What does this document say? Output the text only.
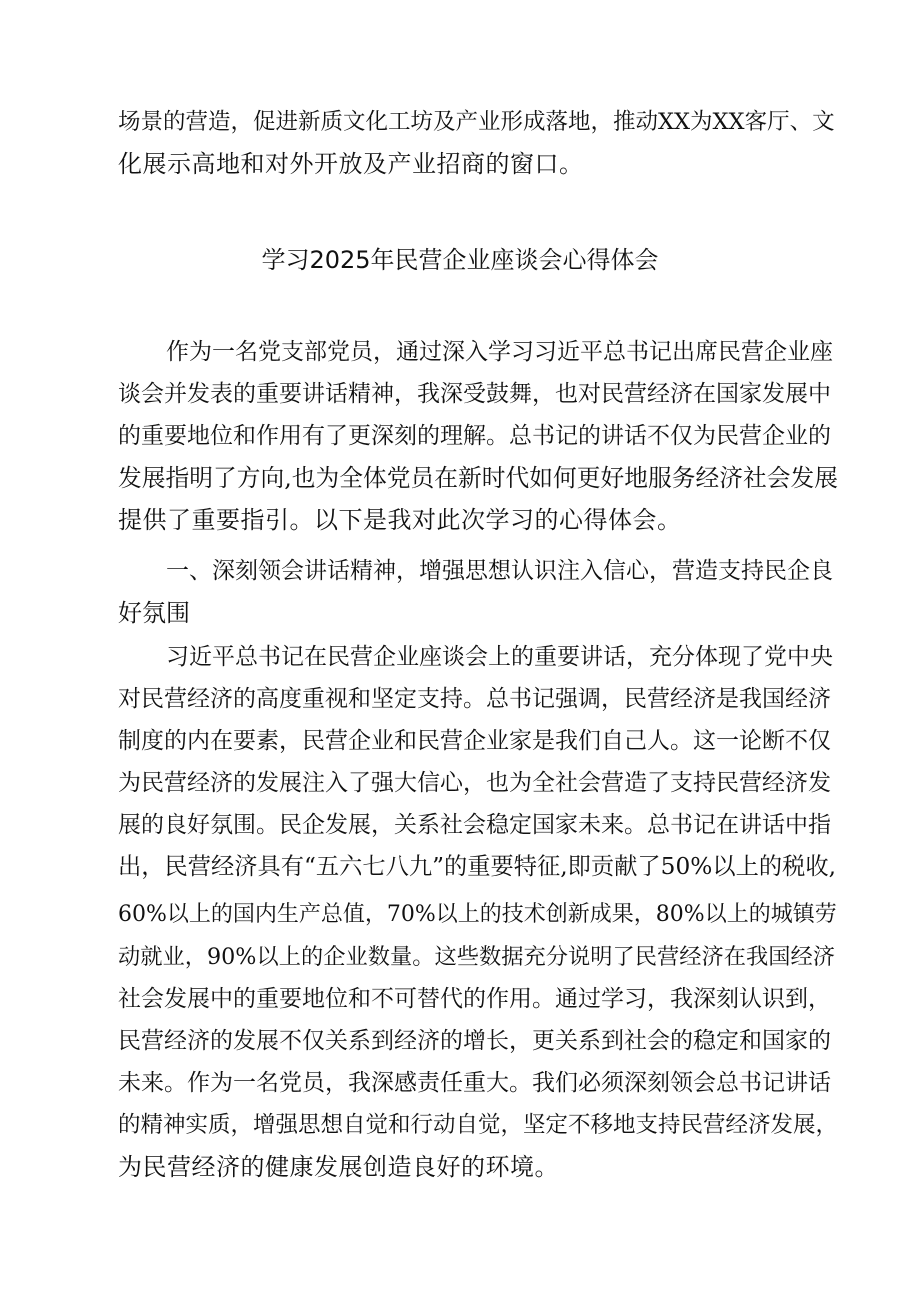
场景的营造，促进新质文化工坊及产业形成落地，推动XX为XX客厅、文
化展示高地和对外开放及产业招商的窗口。
学习2025年民营企业座谈会心得体会
作为一名党支部党员，通过深入学习习近平总书记出席民营企业座
谈会并发表的重要讲话精神，我深受鼓舞，也对民营经济在国家发展中
的重要地位和作用有了更深刻的理解。总书记的讲话不仅为民营企业的
发展指明了方向,也为全体党员在新时代如何更好地服务经济社会发展
提供了重要指引。以下是我对此次学习的心得体会。
一、深刻领会讲话精神，增强思想认识注入信心，营造支持民企良
好氛围
习近平总书记在民营企业座谈会上的重要讲话，充分体现了党中央
对民营经济的高度重视和坚定支持。总书记强调，民营经济是我国经济
制度的内在要素，民营企业和民营企业家是我们自己人。这一论断不仅
为民营经济的发展注入了强大信心，也为全社会营造了支持民营经济发
展的良好氛围。民企发展，关系社会稳定国家未来。总书记在讲话中指
出，民营经济具有“五六七八九”的重要特征,即贡献了50%以上的税收,
60%以上的国内生产总值，70%以上的技术创新成果，80%以上的城镇劳
动就业，90%以上的企业数量。这些数据充分说明了民营经济在我国经济
社会发展中的重要地位和不可替代的作用。通过学习，我深刻认识到，
民营经济的发展不仅关系到经济的增长，更关系到社会的稳定和国家的
未来。作为一名党员，我深感责任重大。我们必须深刻领会总书记讲话
的精神实质，增强思想自觉和行动自觉，坚定不移地支持民营经济发展，
为民营经济的健康发展创造良好的环境。
